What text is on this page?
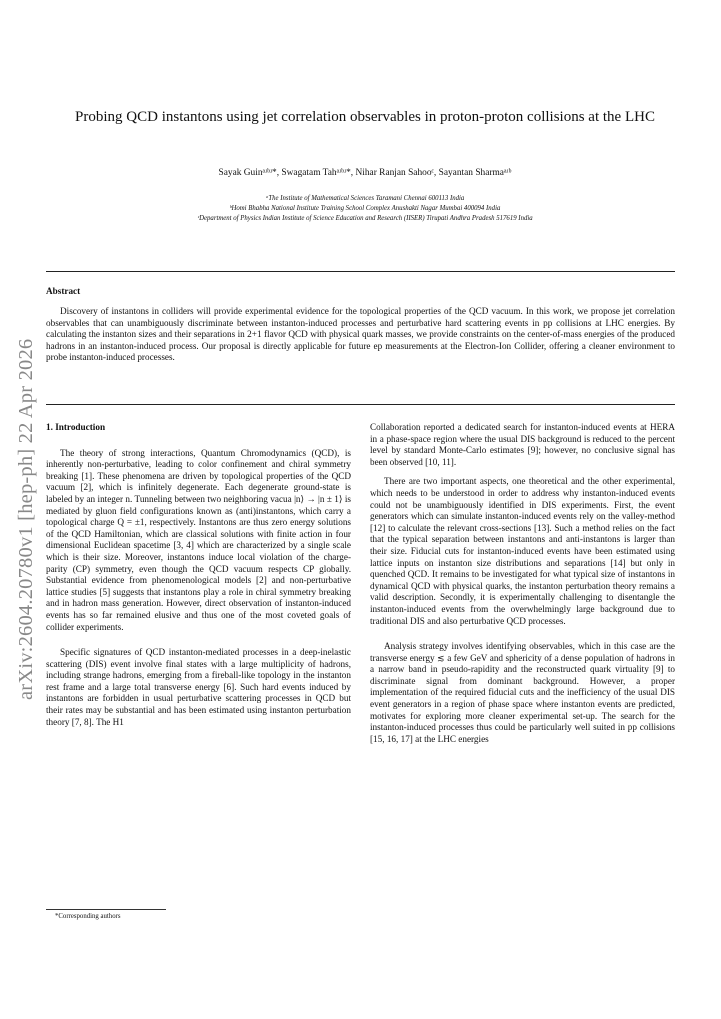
arXiv:2604.20780v1 [hep-ph] 22 Apr 2026
Probing QCD instantons using jet correlation observables in proton-proton collisions at the LHC
Sayak Guinᵃʴᵇʴ*, Swagatam Tahᵃʴᵇʴ*, Nihar Ranjan Sahooᶜ, Sayantan Sharmaᵃʴᵇ
ᵃThe Institute of Mathematical Sciences Taramani Chennai 600113 India
ᵇHomi Bhabha National Institute Training School Complex Anushakti Nagar Mumbai 400094 India
ᶜDepartment of Physics Indian Institute of Science Education and Research (IISER) Tirupati Andhra Pradesh 517619 India
Abstract
Discovery of instantons in colliders will provide experimental evidence for the topological properties of the QCD vacuum. In this work, we propose jet correlation observables that can unambiguously discriminate between instanton-induced processes and perturbative hard scattering events in pp collisions at LHC energies. By calculating the instanton sizes and their separations in 2+1 flavor QCD with physical quark masses, we provide constraints on the center-of-mass energies of the produced hadrons in an instanton-induced process. Our proposal is directly applicable for future ep measurements at the Electron-Ion Collider, offering a cleaner environment to probe instanton-induced processes.
1. Introduction

The theory of strong interactions, Quantum Chromodynamics (QCD), is inherently non-perturbative, leading to color confinement and chiral symmetry breaking [1]. These phenomena are driven by topological properties of the QCD vacuum [2], which is infinitely degenerate. Each degenerate ground-state is labeled by an integer n. Tunneling between two neighboring vacua |n⟩ → |n ± 1⟩ is mediated by gluon field configurations known as (anti)instantons, which carry a topological charge Q = ±1, respectively. Instantons are thus zero energy solutions of the QCD Hamiltonian, which are classical solutions with finite action in four dimensional Euclidean spacetime [3, 4] which are characterized by a single scale which is their size. Moreover, instantons induce local violation of the charge-parity (CP) symmetry, even though the QCD vacuum respects CP globally. Substantial evidence from phenomenological models [2] and non-perturbative lattice studies [5] suggests that instantons play a role in chiral symmetry breaking and in hadron mass generation. However, direct observation of instanton-induced events has so far remained elusive and thus one of the most coveted goals of collider experiments.

Specific signatures of QCD instanton-mediated processes in a deep-inelastic scattering (DIS) event involve final states with a large multiplicity of hadrons, including strange hadrons, emerging from a fireball-like topology in the instanton rest frame and a large total transverse energy [6]. Such hard events induced by instantons are forbidden in usual perturbative scattering processes in QCD but their rates may be substantial and has been estimated using instanton perturbation theory [7, 8]. The H1

Collaboration reported a dedicated search for instanton-induced events at HERA in a phase-space region where the usual DIS background is reduced to the percent level by standard Monte-Carlo estimates [9]; however, no conclusive signal has been observed [10, 11].

There are two important aspects, one theoretical and the other experimental, which needs to be understood in order to address why instanton-induced events could not be unambiguously identified in DIS experiments. First, the event generators which can simulate instanton-induced events rely on the valley-method [12] to calculate the relevant cross-sections [13]. Such a method relies on the fact that the typical separation between instantons and anti-instantons is larger than their size. Fiducial cuts for instanton-induced events have been estimated using lattice inputs on instanton size distributions and separations [14] but only in quenched QCD. It remains to be investigated for what typical size of instantons in dynamical QCD with physical quarks, the instanton perturbation theory remains a valid description. Secondly, it is experimentally challenging to disentangle the instanton-induced events from the overwhelmingly large background due to traditional DIS and also perturbative QCD processes.

Analysis strategy involves identifying observables, which in this case are the transverse energy ≲ a few GeV and sphericity of a dense population of hadrons in a narrow band in pseudo-rapidity and the reconstructed quark virtuality [9] to discriminate signal from dominant background. However, a proper implementation of the required fiducial cuts and the inefficiency of the usual DIS event generators in a region of phase space where instanton events are predicted, motivates for exploring more cleaner experimental set-up. The search for the instanton-induced processes thus could be particularly well suited in pp collisions [15, 16, 17] at the LHC energies

*Corresponding authors
